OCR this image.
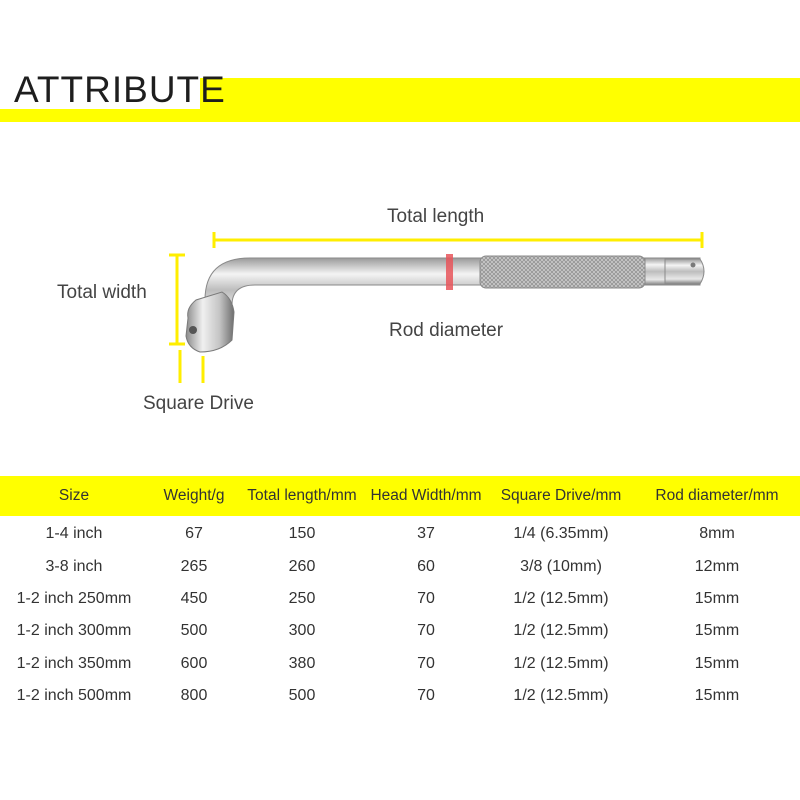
ATTRIBUTE
Total length
Total width
Rod diameter
Square Drive
Size	Weight/g	Total length/mm	Head Width/mm	Square Drive/mm	Rod diameter/mm
1-4 inch	67	150	37	1/4 (6.35mm)	8mm
3-8 inch	265	260	60	3/8 (10mm)	12mm
1-2 inch 250mm	450	250	70	1/2 (12.5mm)	15mm
1-2 inch 300mm	500	300	70	1/2 (12.5mm)	15mm
1-2 inch 350mm	600	380	70	1/2 (12.5mm)	15mm
1-2 inch 500mm	800	500	70	1/2 (12.5mm)	15mm
